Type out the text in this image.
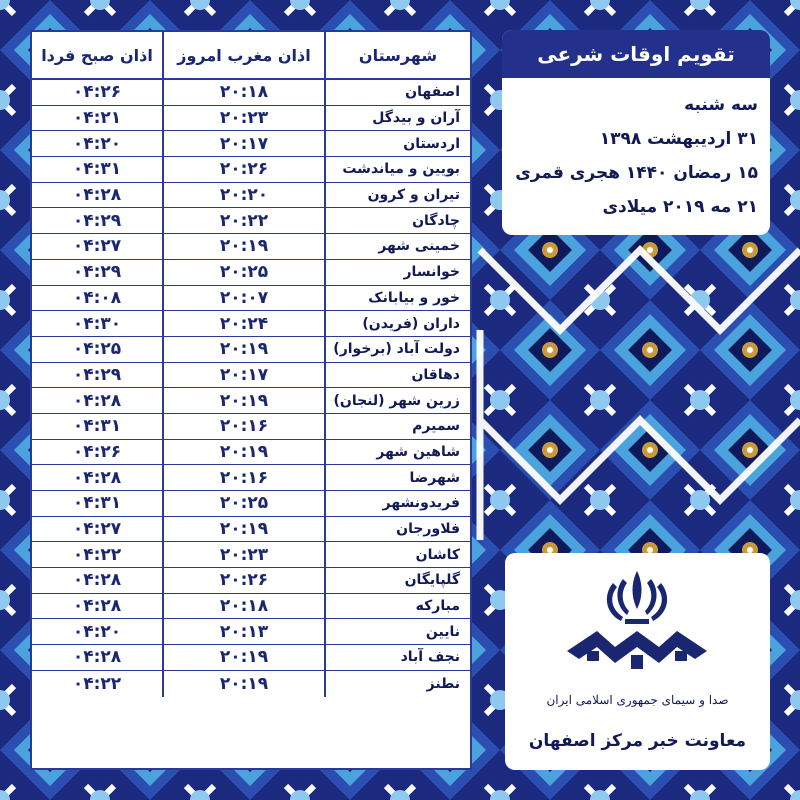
اذان صبح فردا	اذان مغرب امروز	شهرستان
۰۴:۲۶	۲۰:۱۸	اصفهان
۰۴:۲۱	۲۰:۲۳	آران و بیدگل
۰۴:۲۰	۲۰:۱۷	اردستان
۰۴:۳۱	۲۰:۲۶	بویین و میاندشت
۰۴:۲۸	۲۰:۲۰	تیران و کرون
۰۴:۲۹	۲۰:۲۲	چادگان
۰۴:۲۷	۲۰:۱۹	خمینی شهر
۰۴:۲۹	۲۰:۲۵	خوانسار
۰۴:۰۸	۲۰:۰۷	خور و بیابانک
۰۴:۳۰	۲۰:۲۴	داران (فریدن)
۰۴:۲۵	۲۰:۱۹	دولت آباد (برخوار)
۰۴:۲۹	۲۰:۱۷	دهاقان
۰۴:۲۸	۲۰:۱۹	زرین شهر (لنجان)
۰۴:۳۱	۲۰:۱۶	سمیرم
۰۴:۲۶	۲۰:۱۹	شاهین شهر
۰۴:۲۸	۲۰:۱۶	شهرضا
۰۴:۳۱	۲۰:۲۵	فریدونشهر
۰۴:۲۷	۲۰:۱۹	فلاورجان
۰۴:۲۲	۲۰:۲۳	کاشان
۰۴:۲۸	۲۰:۲۶	گلپایگان
۰۴:۲۸	۲۰:۱۸	مبارکه
۰۴:۲۰	۲۰:۱۳	نایین
۰۴:۲۸	۲۰:۱۹	نجف آباد
۰۴:۲۲	۲۰:۱۹	نطنز
تقویم اوقات شرعی
سه شنبه
۳۱ اردیبهشت ۱۳۹۸
۱۵ رمضان ۱۴۴۰ هجری قمری
۲۱ مه ۲۰۱۹ میلادی
صدا و سیمای جمهوری اسلامی ایران
معاونت خبر مرکز اصفهان
